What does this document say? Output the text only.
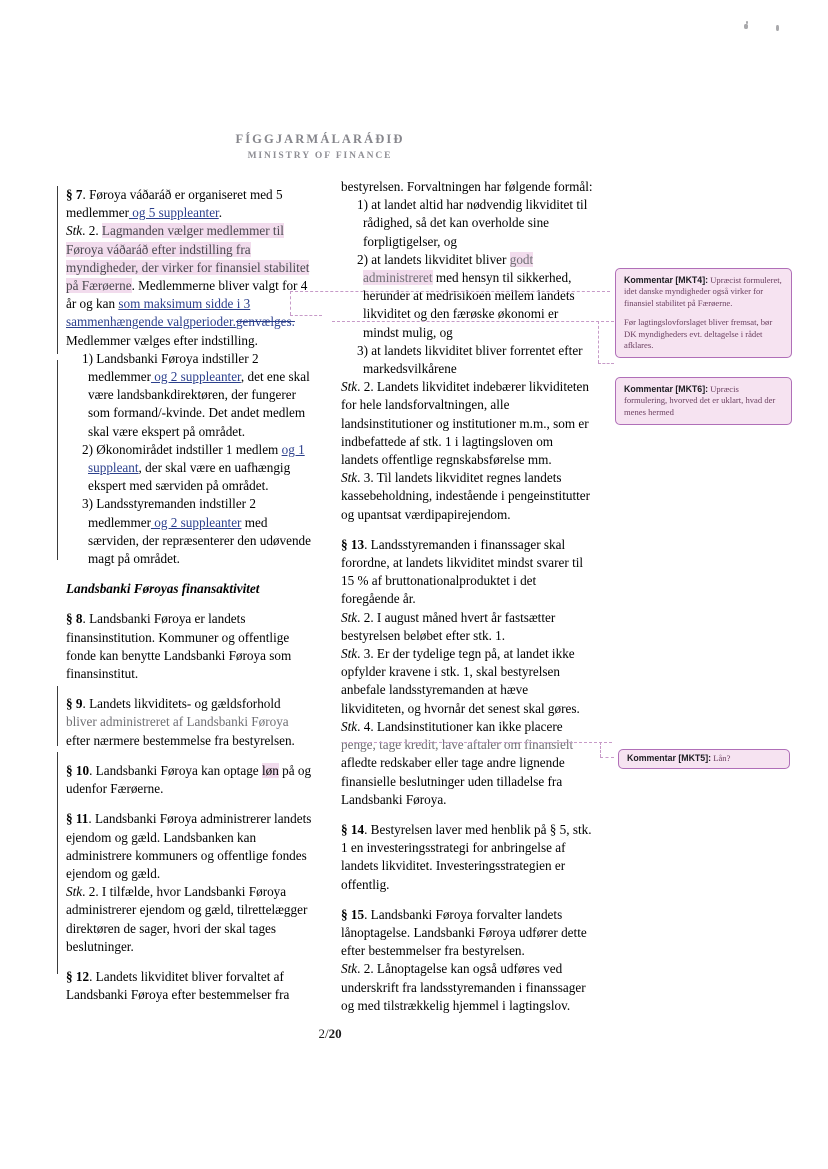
FÍGGJARMÁLARÁÐIÐ
MINISTRY OF FINANCE

§ 7. Føroya váðaráð er organiseret med 5 medlemmer og 5 suppleanter.

Stk. 2. Lagmanden vælger medlemmer til Føroya váðaráð efter indstilling fra myndigheder, der virker for finansiel stabilitet på Færøerne. Medlemmerne bliver valgt for 4 år og kan som maksimum sidde i 3 sammenhængende valgperioder.genvælges. Medlemmer vælges efter indstilling.

1) Landsbanki Føroya indstiller 2 medlemmer og 2 suppleanter, det ene skal være landsbankdirektøren, der fungerer som formand/-kvinde. Det andet medlem skal være ekspert på området.

2) Økonomirådet indstiller 1 medlem og 1 suppleant, der skal være en uafhængig ekspert med særviden på området.

3) Landsstyremanden indstiller 2 medlemmer og 2 suppleanter med særviden, der repræsenterer den udøvende magt på området.

Landsbanki Føroyas finansaktivitet

§ 8. Landsbanki Føroya er landets finansinstitution. Kommuner og offentlige fonde kan benytte Landsbanki Føroya som finansinstitut.

§ 9. Landets likviditets- og gældsforhold bliver administreret af Landsbanki Føroya efter nærmere bestemmelse fra bestyrelsen.

§ 10. Landsbanki Føroya kan optage løn på og udenfor Færøerne.

§ 11. Landsbanki Føroya administrerer landets ejendom og gæld. Landsbanken kan administrere kommuners og offentlige fondes ejendom og gæld.

Stk. 2. I tilfælde, hvor Landsbanki Føroya administrerer ejendom og gæld, tilrettelægger direktøren de sager, hvori der skal tages beslutninger.

§ 12. Landets likviditet bliver forvaltet af Landsbanki Føroya efter bestemmelser fra

bestyrelsen. Forvaltningen har følgende formål:

1) at landet altid har nødvendig likviditet til rådighed, så det kan overholde sine forpligtigelser, og

2) at landets likviditet bliver godt administreret med hensyn til sikkerhed, herunder at medrisikoen mellem landets likviditet og den færøske økonomi er mindst mulig, og

3) at landets likviditet bliver forrentet efter markedsvilkårene

Stk. 2. Landets likviditet indebærer likviditeten for hele landsforvaltningen, alle landsinstitutioner og institutioner m.m., som er indbefattede af stk. 1 i lagtingsloven om landets offentlige regnskabsførelse mm.

Stk. 3. Til landets likviditet regnes landets kassebeholdning, indestående i pengeinstitutter og upantsat værdipapirejendom.

§ 13. Landsstyremanden i finanssager skal forordne, at landets likviditet mindst svarer til 15 % af bruttonationalproduktet i det foregående år.

Stk. 2. I august måned hvert år fastsætter bestyrelsen beløbet efter stk. 1.

Stk. 3. Er der tydelige tegn på, at landet ikke opfylder kravene i stk. 1, skal bestyrelsen anbefale landsstyremanden at hæve likviditeten, og hvornår det senest skal gøres.

Stk. 4. Landsinstitutioner kan ikke placere penge, tage kredit, lave aftaler om finansielt afledte redskaber eller tage andre lignende finansielle beslutninger uden tilladelse fra Landsbanki Føroya.

§ 14. Bestyrelsen laver med henblik på § 5, stk. 1 en investeringsstrategi for anbringelse af landets likviditet. Investeringsstrategien er offentlig.

§ 15. Landsbanki Føroya forvalter landets lånoptagelse. Landsbanki Føroya udfører dette efter bestemmelser fra bestyrelsen.

Stk. 2. Lånoptagelse kan også udføres ved underskrift fra landsstyremanden i finanssager og med tilstrækkelig hjemmel i lagtingslov.

Kommentar [MKT4]: Upræcist formuleret, idet danske myndigheder også virker for finansiel stabilitet på Færøerne.

Før lagtingslovforslaget bliver fremsat, bør DK myndigheders evt. deltagelse i rådet afklares.

Kommentar [MKT6]: Upræcis formulering, hvorved det er uklart, hvad der menes hermed

Kommentar [MKT5]: Lån?

2/20
